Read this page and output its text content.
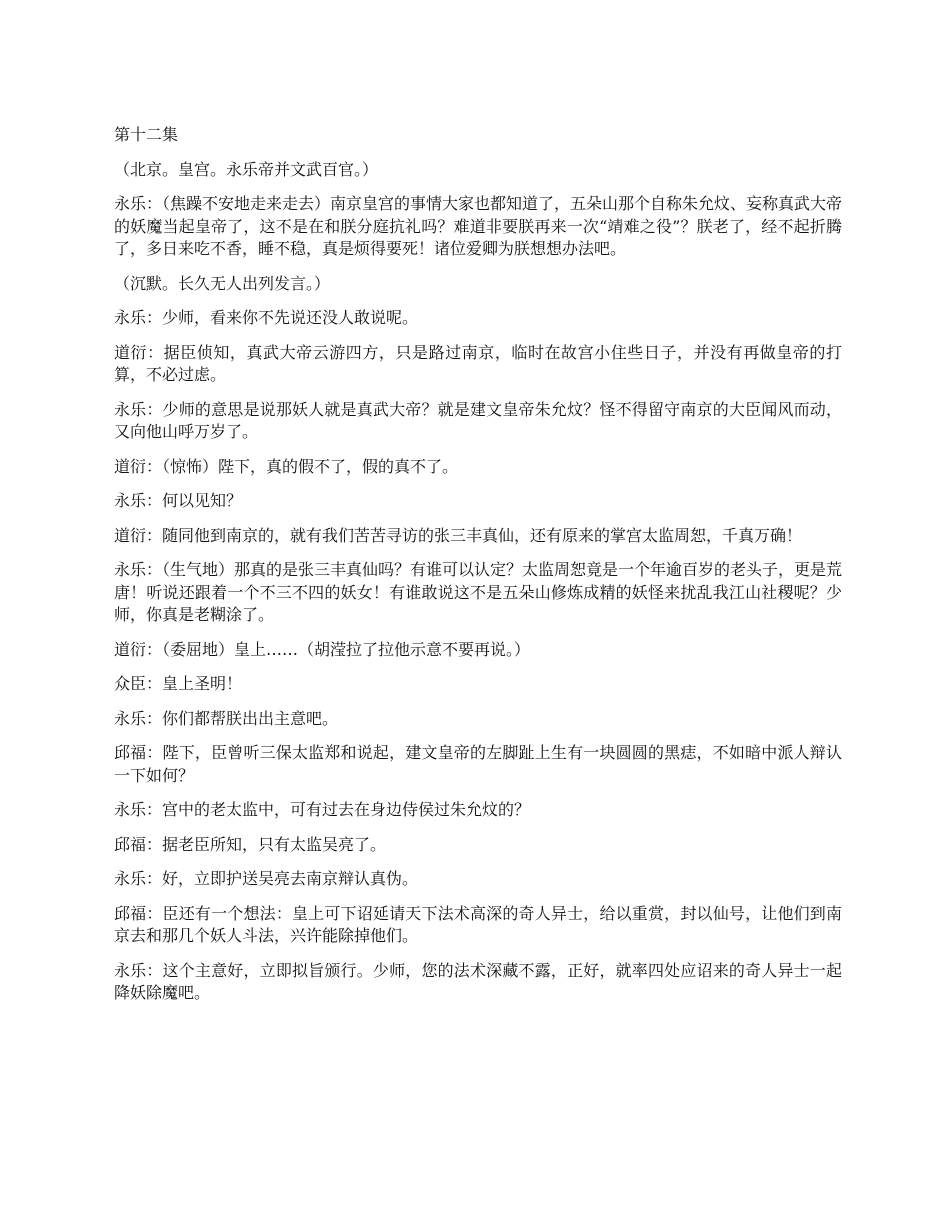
第十二集

（北京。皇宫。永乐帝并文武百官。）

永乐：（焦躁不安地走来走去）南京皇宫的事情大家也都知道了，五朵山那个自称朱允炆、妄称真武大帝的妖魔当起皇帝了，这不是在和朕分庭抗礼吗？难道非要朕再来一次“靖难之役”？朕老了，经不起折腾了，多日来吃不香，睡不稳，真是烦得要死！诸位爱卿为朕想想办法吧。

（沉默。长久无人出列发言。）

永乐：少师，看来你不先说还没人敢说呢。

道衍：据臣侦知，真武大帝云游四方，只是路过南京，临时在故宫小住些日子，并没有再做皇帝的打算，不必过虑。

永乐：少师的意思是说那妖人就是真武大帝？就是建文皇帝朱允炆？怪不得留守南京的大臣闻风而动，又向他山呼万岁了。

道衍：（惊怖）陛下，真的假不了，假的真不了。

永乐：何以见知？

道衍：随同他到南京的，就有我们苦苦寻访的张三丰真仙，还有原来的掌宫太监周恕，千真万确！

永乐：（生气地）那真的是张三丰真仙吗？有谁可以认定？太监周恕竟是一个年逾百岁的老头子，更是荒唐！听说还跟着一个不三不四的妖女！有谁敢说这不是五朵山修炼成精的妖怪来扰乱我江山社稷呢？少师，你真是老糊涂了。

道衍：（委屈地）皇上……（胡滢拉了拉他示意不要再说。）

众臣：皇上圣明！

永乐：你们都帮朕出出主意吧。

邱福：陛下，臣曾听三保太监郑和说起，建文皇帝的左脚趾上生有一块圆圆的黑痣，不如暗中派人辩认一下如何？

永乐：宫中的老太监中，可有过去在身边侍侯过朱允炆的？

邱福：据老臣所知，只有太监吴亮了。

永乐：好，立即护送吴亮去南京辩认真伪。

邱福：臣还有一个想法：皇上可下诏延请天下法术高深的奇人异士，给以重赏，封以仙号，让他们到南京去和那几个妖人斗法，兴许能除掉他们。

永乐：这个主意好，立即拟旨颁行。少师，您的法术深藏不露，正好，就率四处应诏来的奇人异士一起降妖除魔吧。
